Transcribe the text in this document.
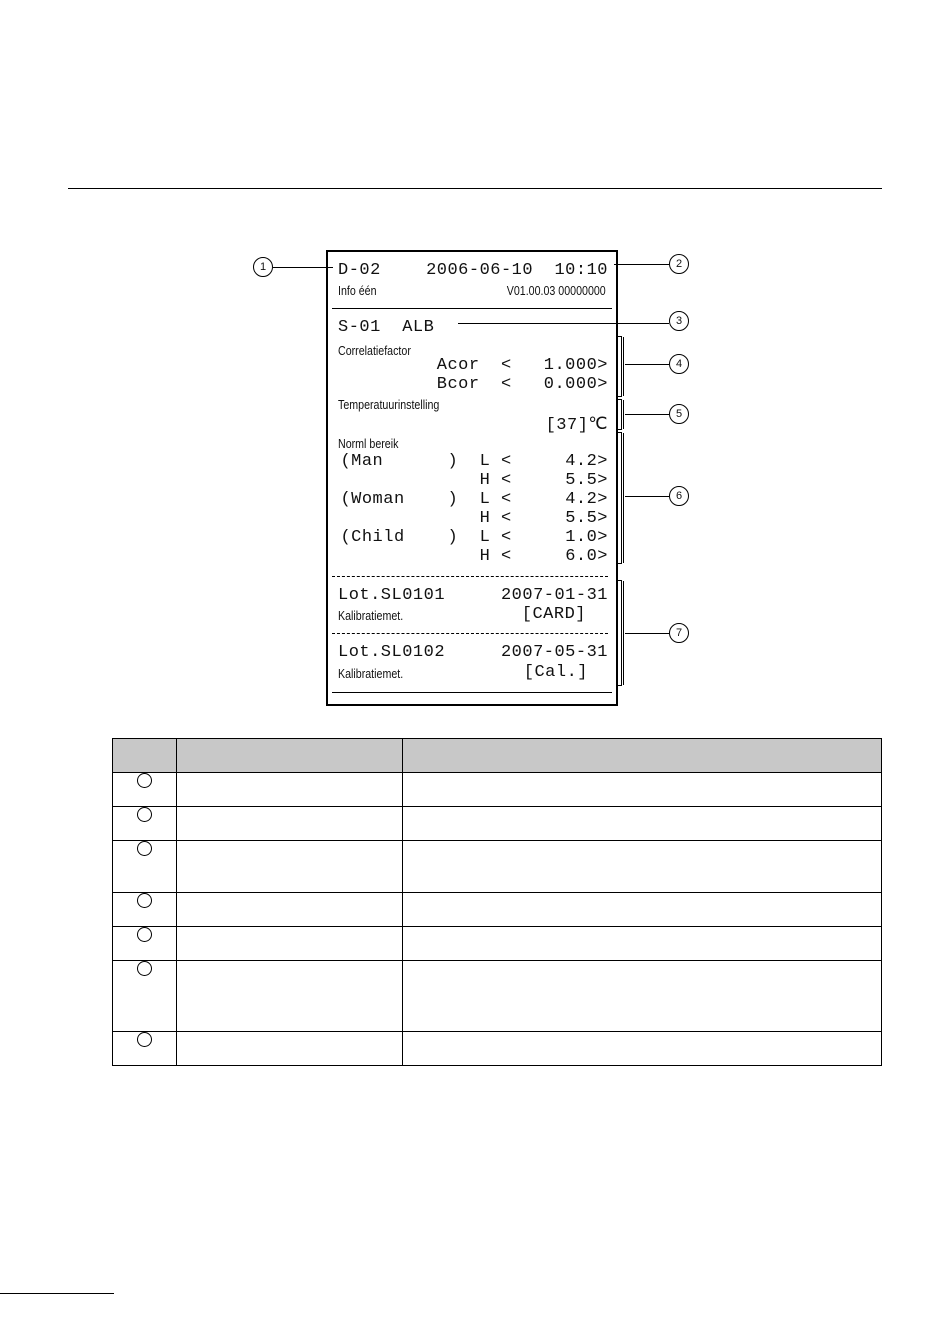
D-02	2006-06-10  10:10
Info één	V01.00.03 00000000
S-01  ALB
Correlatiefactor
Acor  <   1.000>
Bcor  <   0.000>
Temperatuurinstelling
[37]℃
Norml bereik
(Man      )  L <     4.2>
H <     5.5>
(Woman    )  L <     4.2>
H <     5.5>
(Child    )  L <     1.0>
H <     6.0>
Lot.SL0101	2007-01-31
Kalibratiemet.	[CARD]
Lot.SL0102	2007-05-31
Kalibratiemet.	[Cal.]
1	2
3
4
5
6
7
